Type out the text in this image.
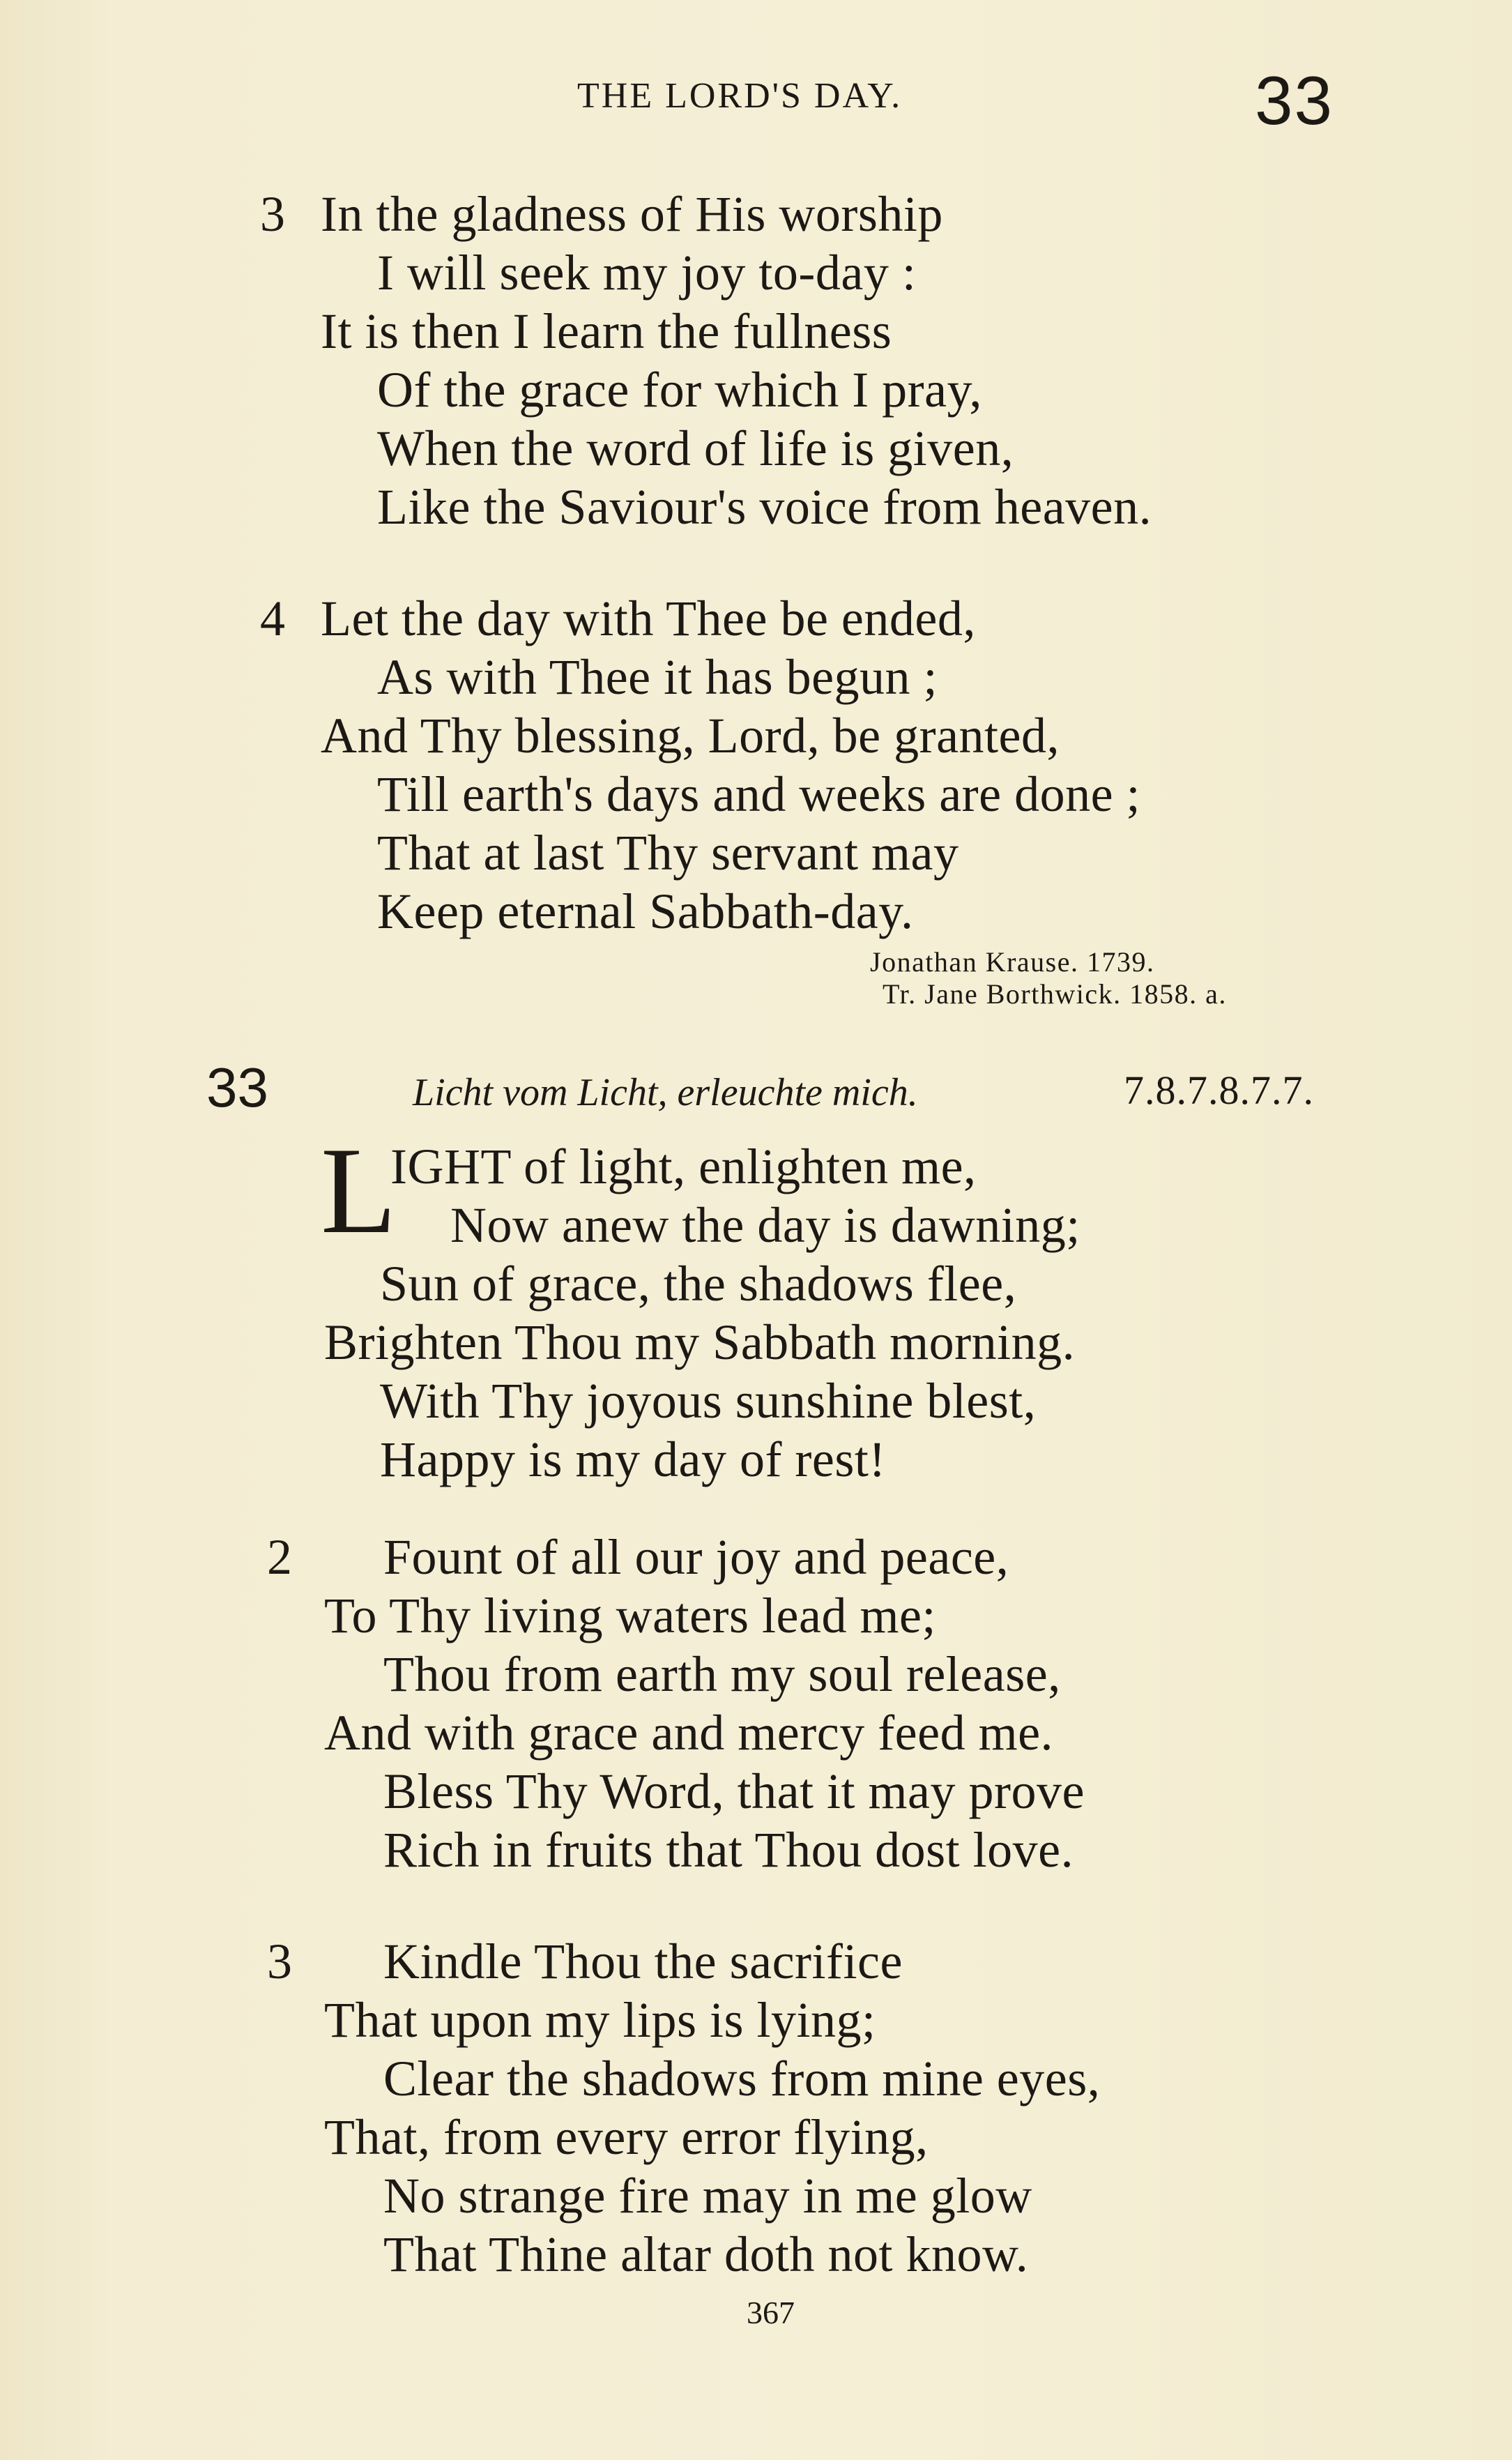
THE LORD'S DAY.	33
3 In the gladness of His worship
I will seek my joy to-day :
It is then I learn the fullness
Of the grace for which I pray,
When the word of life is given,
Like the Saviour's voice from heaven.
4 Let the day with Thee be ended,
As with Thee it has begun ;
And Thy blessing, Lord, be granted,
Till earth's days and weeks are done ;
That at last Thy servant may
Keep eternal Sabbath-day.
Jonathan Krause. 1739.
Tr. Jane Borthwick. 1858. a.
33	Licht vom Licht, erleuchte mich.	7.8.7.8.7.7.
L
IGHT of light, enlighten me,
Now anew the day is dawning;
Sun of grace, the shadows flee,
Brighten Thou my Sabbath morning.
With Thy joyous sunshine blest,
Happy is my day of rest!
2 Fount of all our joy and peace,
To Thy living waters lead me;
Thou from earth my soul release,
And with grace and mercy feed me.
Bless Thy Word, that it may prove
Rich in fruits that Thou dost love.
3 Kindle Thou the sacrifice
That upon my lips is lying;
Clear the shadows from mine eyes,
That, from every error flying,
No strange fire may in me glow
That Thine altar doth not know.
367
